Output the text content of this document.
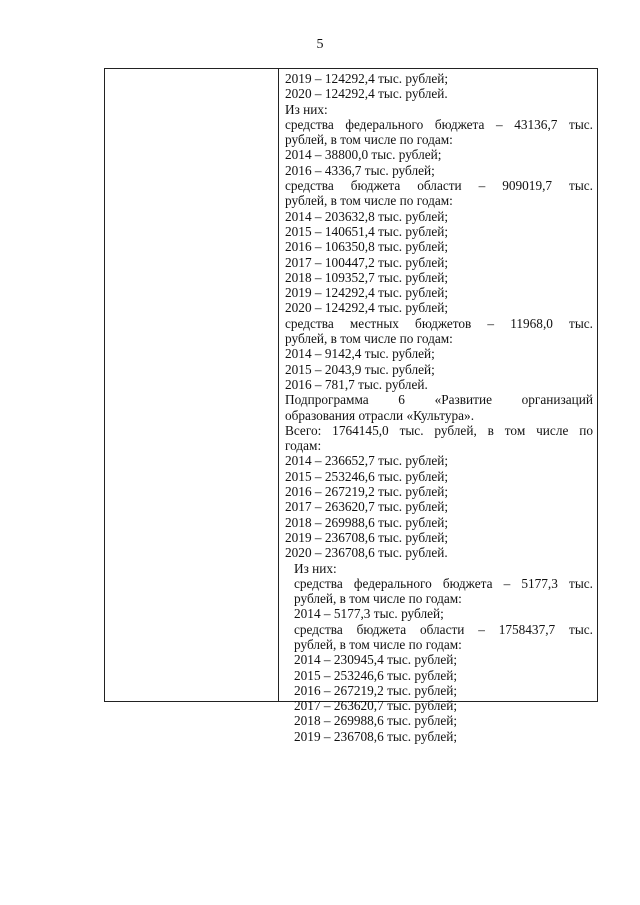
5
2019 – 124292,4 тыс. рублей;
2020 – 124292,4 тыс. рублей.
Из них:
средства федерального бюджета – 43136,7 тыс.
рублей, в том числе по годам:
2014 – 38800,0 тыс. рублей;
2016 – 4336,7 тыс. рублей;
средства бюджета области – 909019,7 тыс.
рублей, в том числе по годам:
2014 – 203632,8 тыс. рублей;
2015 – 140651,4 тыс. рублей;
2016 – 106350,8 тыс. рублей;
2017 – 100447,2 тыс. рублей;
2018 – 109352,7 тыс. рублей;
2019 – 124292,4 тыс. рублей;
2020 – 124292,4 тыс. рублей;
средства местных бюджетов – 11968,0 тыс.
рублей, в том числе по годам:
2014 – 9142,4 тыс. рублей;
2015 – 2043,9 тыс. рублей;
2016 – 781,7 тыс. рублей.
Подпрограмма 6 «Развитие организаций
образования отрасли «Культура».
Всего: 1764145,0 тыс. рублей, в том числе по
годам:
2014 – 236652,7 тыс. рублей;
2015 – 253246,6 тыс. рублей;
2016 – 267219,2 тыс. рублей;
2017 – 263620,7 тыс. рублей;
2018 – 269988,6 тыс. рублей;
2019 – 236708,6 тыс. рублей;
2020 – 236708,6 тыс. рублей.
Из них:
средства федерального бюджета – 5177,3 тыс.
рублей, в том числе по годам:
2014 – 5177,3 тыс. рублей;
средства бюджета области – 1758437,7 тыс.
рублей, в том числе по годам:
2014 – 230945,4 тыс. рублей;
2015 – 253246,6 тыс. рублей;
2016 – 267219,2 тыс. рублей;
2017 – 263620,7 тыс. рублей;
2018 – 269988,6 тыс. рублей;
2019 – 236708,6 тыс. рублей;
